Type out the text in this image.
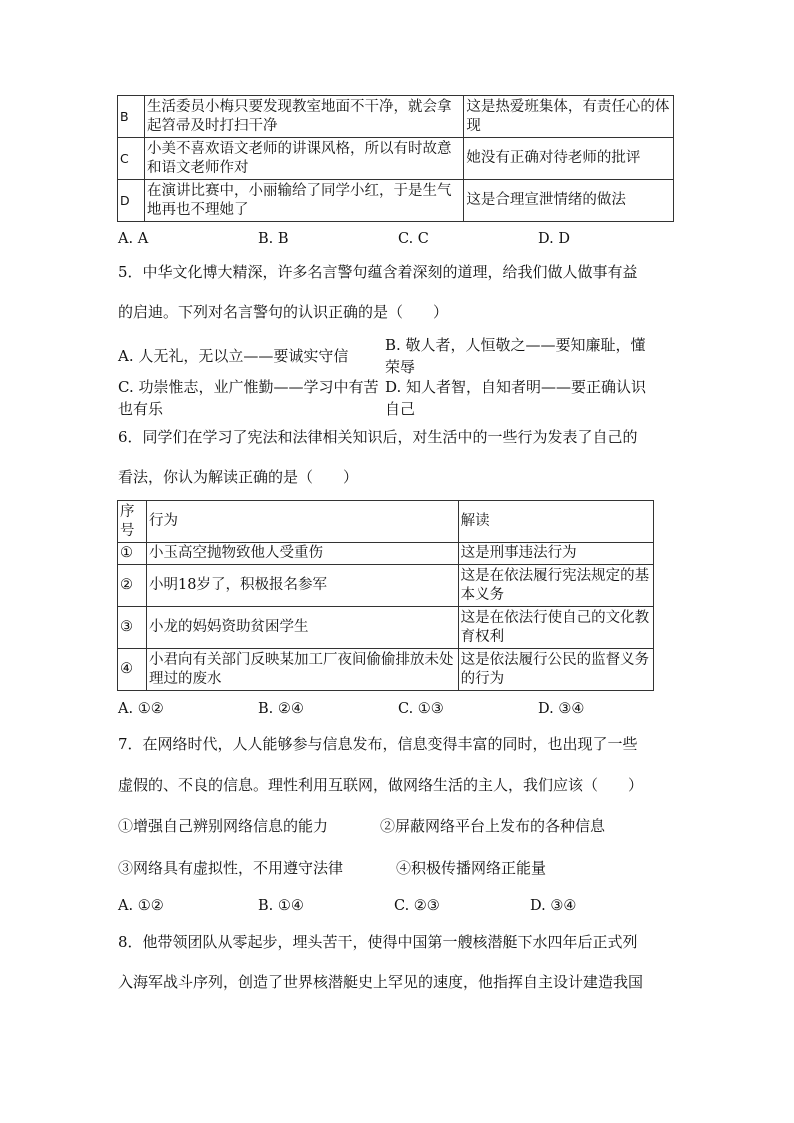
B	生活委员小梅只要发现教室地面不干净，就会拿起笤帚及时打扫干净	这是热爱班集体，有责任心的体现
C	小美不喜欢语文老师的讲课风格，所以有时故意和语文老师作对	她没有正确对待老师的批评
D	在演讲比赛中，小丽输给了同学小红，于是生气地再也不理她了	这是合理宣泄情绪的做法
A. A	B. B	C. C	D. D
5．中华文化博大精深，许多名言警句蕴含着深刻的道理，给我们做人做事有益
的启迪。下列对名言警句的认识正确的是（　　）
A. 人无礼，无以立——要诚实守信
B. 敬人者，人恒敬之——要知廉耻，懂荣辱
C. 功崇惟志，业广惟勤——学习中有苦也有乐
D. 知人者智，自知者明——要正确认识自己
6．同学们在学习了宪法和法律相关知识后，对生活中的一些行为发表了自己的
看法，你认为解读正确的是（　　）
序号	行为	解读
①	小玉高空抛物致他人受重伤	这是刑事违法行为
②	小明18岁了，积极报名参军	这是在依法履行宪法规定的基本义务
③	小龙的妈妈资助贫困学生	这是在依法行使自己的文化教育权利
④	小君向有关部门反映某加工厂夜间偷偷排放未处理过的废水	这是依法履行公民的监督义务的行为
A. ①②	B. ②④	C. ①③	D. ③④
7．在网络时代，人人能够参与信息发布，信息变得丰富的同时，也出现了一些
虚假的、不良的信息。理性利用互联网，做网络生活的主人，我们应该（　　）
①增强自己辨别网络信息的能力	②屏蔽网络平台上发布的各种信息
③网络具有虚拟性，不用遵守法律	④积极传播网络正能量
A. ①②	B. ①④	C. ②③	D. ③④
8．他带领团队从零起步，埋头苦干，使得中国第一艘核潜艇下水四年后正式列
入海军战斗序列，创造了世界核潜艇史上罕见的速度，他指挥自主设计建造我国
